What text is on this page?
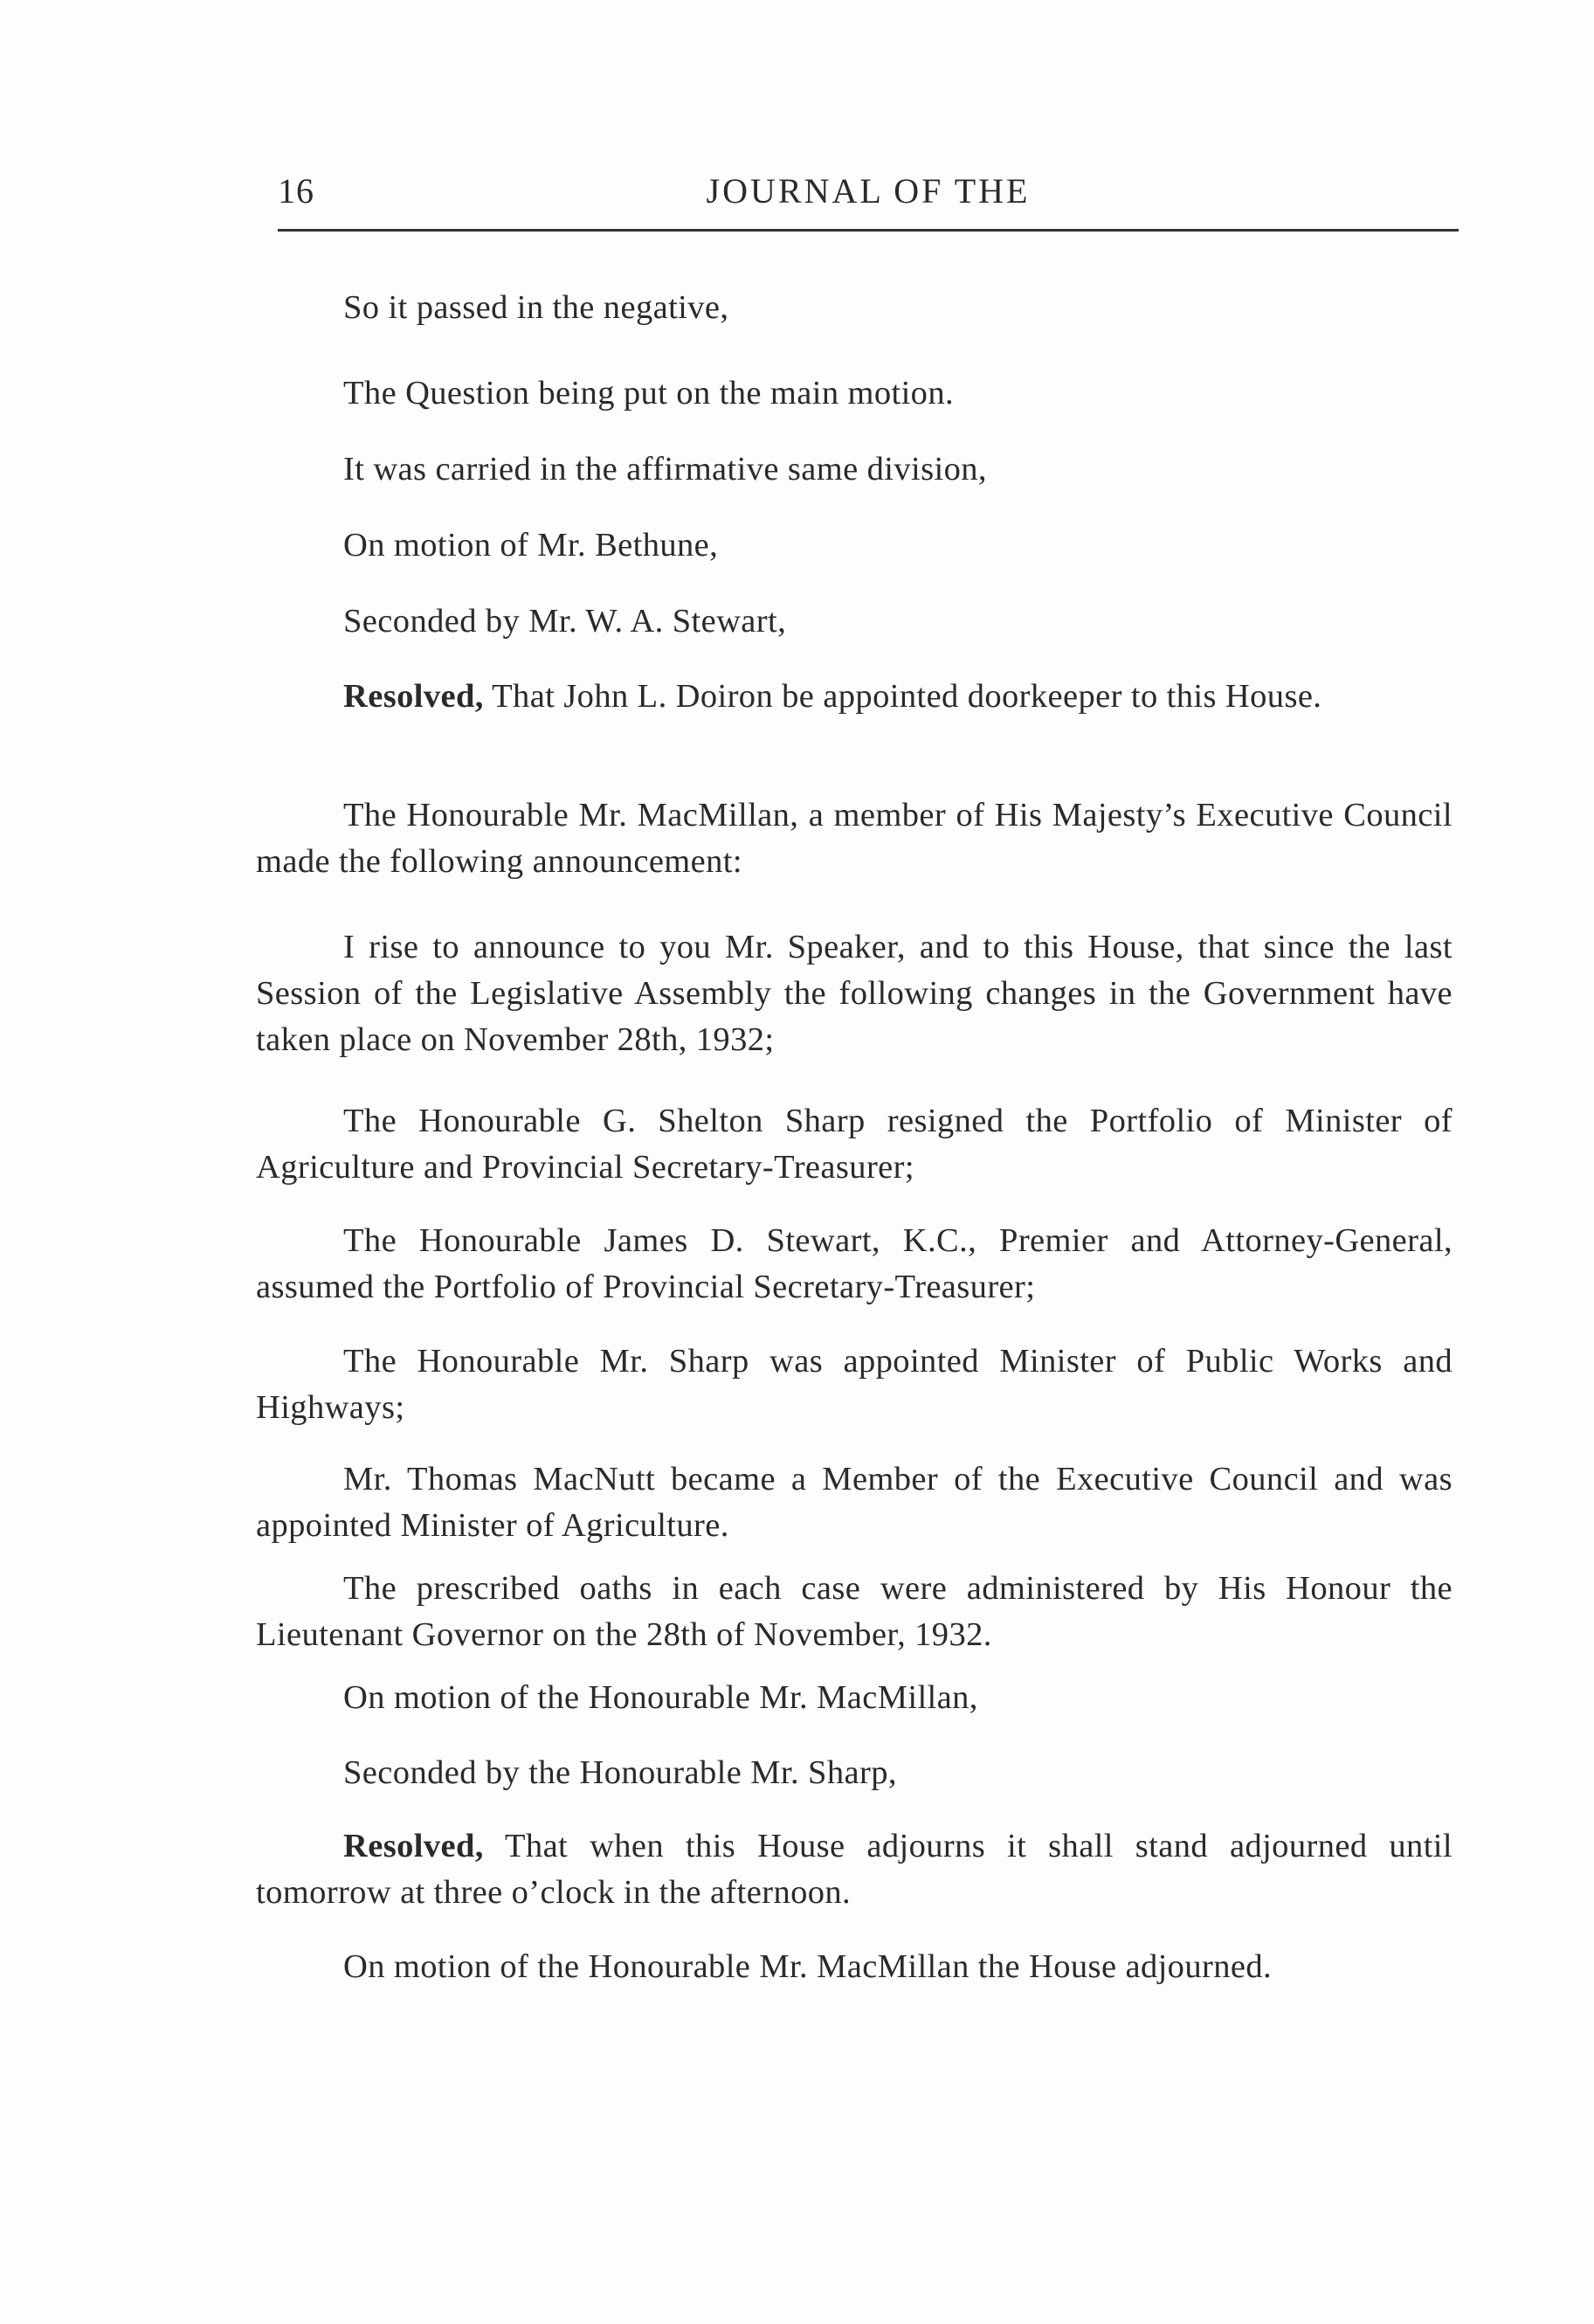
16	JOURNAL OF THE

So it passed in the negative,

The Question being put on the main motion.

It was carried in the affirmative same division,

On motion of Mr. Bethune,

Seconded by Mr. W. A. Stewart,

Resolved, That John L. Doiron be appointed doorkeeper to this House.

The Honourable Mr. MacMillan, a member of His Majesty’s Executive Council made the following announcement:

I rise to announce to you Mr. Speaker, and to this House, that since the last Session of the Legislative Assembly the following changes in the Government have taken place on November 28th, 1932;

The Honourable G. Shelton Sharp resigned the Portfolio of Minister of Agriculture and Provincial Secretary-Treasurer;

The Honourable James D. Stewart, K.C., Premier and Attorney-General, assumed the Portfolio of Provincial Secretary-Treasurer;

The Honourable Mr. Sharp was appointed Minister of Public Works and Highways;

Mr. Thomas MacNutt became a Member of the Executive Council and was appointed Minister of Agriculture.

The prescribed oaths in each case were administered by His Honour the Lieutenant Governor on the 28th of November, 1932.

On motion of the Honourable Mr. MacMillan,

Seconded by the Honourable Mr. Sharp,

Resolved, That when this House adjourns it shall stand adjourned until tomorrow at three o’clock in the afternoon.

On motion of the Honourable Mr. MacMillan the House adjourned.
